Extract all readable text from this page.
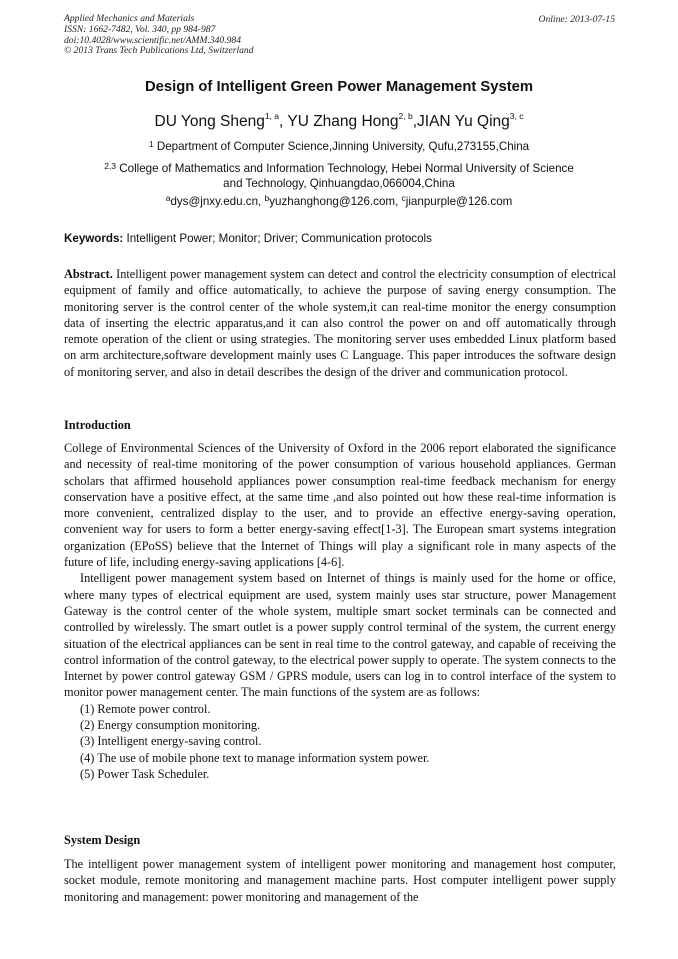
Applied Mechanics and Materials
ISSN: 1662-7482, Vol. 340, pp 984-987
doi:10.4028/www.scientific.net/AMM.340.984
© 2013 Trans Tech Publications Ltd, Switzerland
Online: 2013-07-15
Design of Intelligent Green Power Management System
DU Yong Sheng$^{1, a}$, YU Zhang Hong$^{2, b}$,JIAN Yu Qing$^{3, c}$
$^1$ Department of Computer Science,Jinning University, Qufu,273155,China
$^{2,3}$ College of Mathematics and Information Technology, Hebei Normal University of Science
and Technology, Qinhuangdao,066004,China
$^a$dys@jnxy.edu.cn, $^b$yuzhanghong@126.com, $^c$jianpurple@126.com
Keywords: Intelligent Power; Monitor; Driver; Communication protocols

Abstract. Intelligent power management system can detect and control the electricity consumption of electrical equipment of family and office automatically, to achieve the purpose of saving energy consumption. The monitoring server is the control center of the whole system,it can real-time monitor the energy consumption data of inserting the electric apparatus,and it can also control the power on and off automatically through remote operation of the client or using strategies. The monitoring server uses embedded Linux platform based on arm architecture,software development mainly uses C Language. This paper introduces the software design of monitoring server, and also in detail describes the design of the driver and communication protocol.

Introduction

College of Environmental Sciences of the University of Oxford in the 2006 report elaborated the significance and necessity of real-time monitoring of the power consumption of various household appliances. German scholars that affirmed household appliances power consumption real-time feedback mechanism for energy conservation have a positive effect, at the same time ,and also pointed out how these real-time information is more convenient, centralized display to the user, and to provide an effective energy-saving operation, convenient way for users to form a better energy-saving effect[1-3]. The European smart systems integration organization (EPoSS) believe that the Internet of Things will play a significant role in many aspects of the future of life, including energy-saving applications [4-6].

Intelligent power management system based on Internet of things is mainly used for the home or office, where many types of electrical equipment are used, system mainly uses star structure, power Management Gateway is the control center of the whole system, multiple smart socket terminals can be connected and controlled by wirelessly. The smart outlet is a power supply control terminal of the system, the current energy situation of the electrical appliances can be sent in real time to the control gateway, and capable of receiving the control information of the control gateway, to the electrical power supply to operate. The system connects to the Internet by power control gateway GSM / GPRS module, users can log in to control interface of the system to monitor power management center. The main functions of the system are as follows:

(1) Remote power control.
(2) Energy consumption monitoring.
(3) Intelligent energy-saving control.
(4) The use of mobile phone text to manage information system power.
(5) Power Task Scheduler.
System Design

The intelligent power management system of intelligent power monitoring and management host computer, socket module, remote monitoring and management machine parts. Host computer intelligent power supply monitoring and management: power monitoring and management of the
